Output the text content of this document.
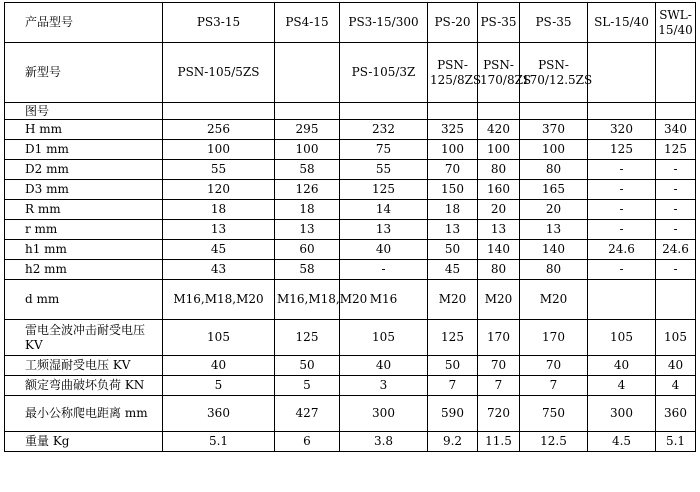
产品型号	PS3-15	PS4-15	PS3-15/300	PS-20	PS-35	PS-35	SL-15/40	SWL-15/40
新型号	PSN-105/5ZS		PS-105/3Z	PSN-125/8ZS	PSN-170/8ZS	PSN-170/12.5ZS		
图号								
H mm	256	295	232	325	420	370	320	340
D1 mm	100	100	75	100	100	100	125	125
D2 mm	55	58	55	70	80	80	-	-
D3 mm	120	126	125	150	160	165	-	-
R mm	18	18	14	18	20	20	-	-
r mm	13	13	13	13	13	13	-	-
h1 mm	45	60	40	50	140	140	24.6	24.6
h2 mm	43	58	-	45	80	80	-	-
d mm	M16,M18,M20	M16,M18,M20	M16	M20	M20	M20		
雷电全波冲击耐受电压 KV	105	125	105	125	170	170	105	105
工频湿耐受电压 KV	40	50	40	50	70	70	40	40
额定弯曲破坏负荷 KN	5	5	3	7	7	7	4	4
最小公称爬电距离 mm	360	427	300	590	720	750	300	360
重量 Kg	5.1	6	3.8	9.2	11.5	12.5	4.5	5.1
